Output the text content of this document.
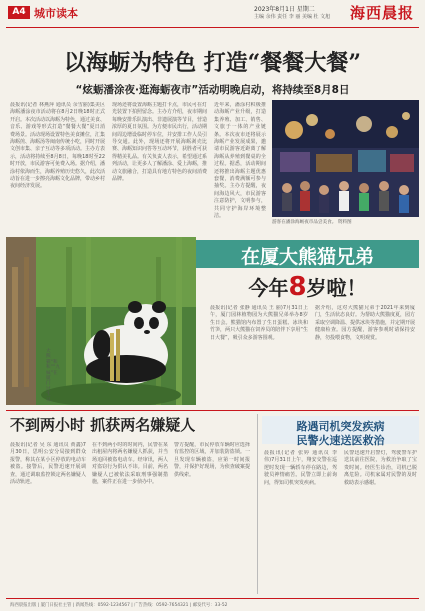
A4 城市读本	2023年8月1日 星期二
主编 余伟 责任 李 丽 美编 杜 文旭 海西晨报
以海蛎为特色 打造“餐餐大餐”
“炫蛎潘涂夜·逛海蛎夜市”活动明晚启动，将持续至8月8日
晨报讯(记者 林燕萍 通讯员 余雪丽)集美区 海蛎潘涂夜市活动将在8月2日晚18时正式开启。本次活动以海蛎为特色，通过美食、音乐、游戏等形式打造“餐餐大餐”夏日消费场景。活动现场设置特色美食摊位，汇集海蛎煎、海蛎汤等闽南传统小吃，同时开展文创市集、亲子互动等多项活动。主办方表示，活动将持续至8月8日，每晚18时至22时开放，市民游客可免费入场。据介绍，潘涂村依海而生，海蛎养殖历史悠久，此次活动旨在进一步擦亮海蛎文化品牌，带动乡村夜间经济发展。
现场还将设置海蛎主题打卡点，市民可在灯光装置下拍照留念。主办方介绍，夜市期间每晚安排乐队演出、非遗展演等节目，营造浓厚的夏日氛围。为方便市民出行，活动期间周边增设临时停车位，并安排工作人员引导交通。此外，现场还将开展海蛎剥壳比赛、海蛎知识问答等互动环节，获胜者可获得精美礼品。有关负责人表示，希望通过系列活动，让更多人了解潘涂、爱上海蛎，推动文旅融合，打造具有地方特色的夜间消费品牌。
近年来，潘涂村积极推动海蛎产业升级，打造集养殖、加工、销售、文旅于一体的产业链条。本次夜市还将展示海蛎产业发展成果，邀请市民游客近距离了解海蛎从养殖到餐桌的全过程。据悉，活动期间还将推出海蛎主题优惠套餐，消费满额可参与抽奖。主办方提醒，夜间海边风大，市民游客注意防护，文明参与，共同守护海岸环境整洁。
游客在潘涂海蛎夜市品尝美食。 资料图
在厦大熊猫兄弟
今年8岁啦！
晨报讯(记者 张静 通讯员 王 丽)7月31日上午，厦门园林植物园为大熊猫兄弟举办8岁生日会。熊猫馆内布置了生日蛋糕、冰块和竹笋，两只大熊猫在饲养员的陪伴下享用“生日大餐”，吸引众多游客围观。
据介绍，这对大熊猫兄弟于2021年来到厦门，生活状态良好。为帮助大熊猫度夏，园方采取空调降温、提供冰块等措施，并定期开展健康检查。园方提醒，游客参观时请保持安静，勿投喂食物，文明观赏。
大熊猫“和和”“九妹”在厦门过生日。
不到两小时 抓获两名嫌疑人
晨报讯(记者 吴 东 通讯员 黄鑫)7月30日，思明公安分局接到群众报警，称其在某小区停放的电动车被盗。接警后，民警迅速开展调查，通过调取监控锁定两名嫌疑人活动轨迹。
在不到两小时的时间内，民警在某出租屋内将两名嫌疑人抓获，并当场追回被盗电动车。经审讯，两人对盗窃行为供认不讳。目前，两名嫌疑人已被依法采取刑事强制措施，案件正在进一步侦办中。
警方提醒，市民停放车辆时应选择有监控的区域，并加装防盗锁。一旦发现车辆被盗，应第一时间报警，并保护好现场，为侦查破案提供线索。
路遇司机突发疾病
民警火速送医救治
晨报讯(记者 张婷 通讯员 李 伟)7月31日上午，翔安交警在巡逻时发现一辆轿车停在路边，驾驶员神情痛苦。民警立即上前询问，得知司机突发疾病。
民警迅速开启警灯，驾驶警车护送其前往医院，为救治争取了宝贵时间。经医生诊治，司机已脱离危险。司机家属对民警的及时救助表示感谢。
海西晨报出版 | 厦门日报社主管 | 新闻热线：0592-1234567 | 广告热线：0592-7654321 | 邮发代号：33-52
